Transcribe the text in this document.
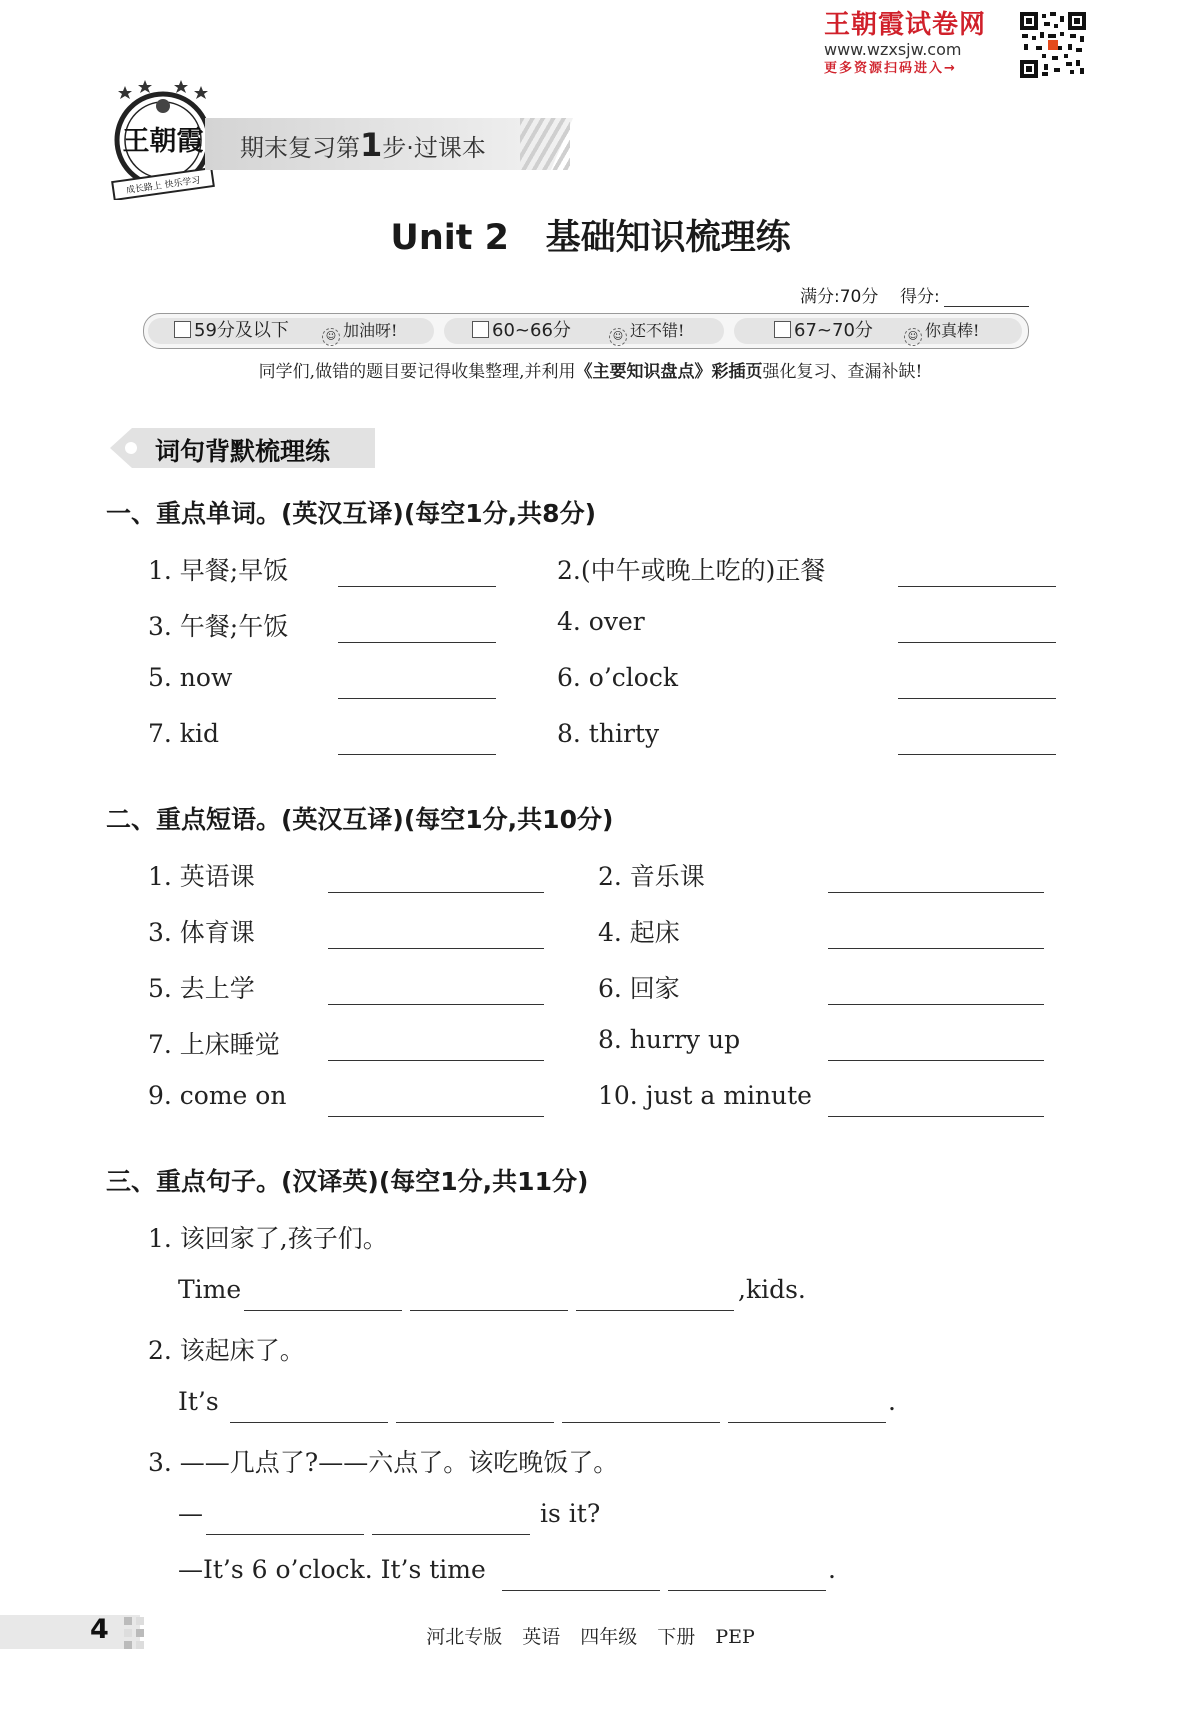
王朝霞试卷网
www.wzxsjw.com
更多资源扫码进入→
王朝霞
成长路上 快乐学习
期末复习第1步·过课本
Unit 2   基础知识梳理练
满分:70分 得分:
59分及以下	☺ 加油呀!	60~66分	☺ 还不错!	67~70分	☺ 你真棒!
同学们,做错的题目要记得收集整理,并利用《主要知识盘点》彩插页强化复习、查漏补缺!
词句背默梳理练
一、重点单词。(英汉互译)(每空1分,共8分)
1. 早餐;早饭	2.(中午或晚上吃的)正餐
3. 午餐;午饭	4. over
5. now	6. o’clock
7. kid	8. thirty
二、重点短语。(英汉互译)(每空1分,共10分)
1. 英语课	2. 音乐课
3. 体育课	4. 起床
5. 去上学	6. 回家
7. 上床睡觉	8. hurry up
9. come on	10. just a minute
三、重点句子。(汉译英)(每空1分,共11分)
1. 该回家了,孩子们。
Time	,kids.
2. 该起床了。
It’s	.
3. ——几点了?——六点了。该吃晚饭了。
—	is it?
—It’s 6 o’clock. It’s time	.
4	河北专版 英语 四年级 下册 PEP
